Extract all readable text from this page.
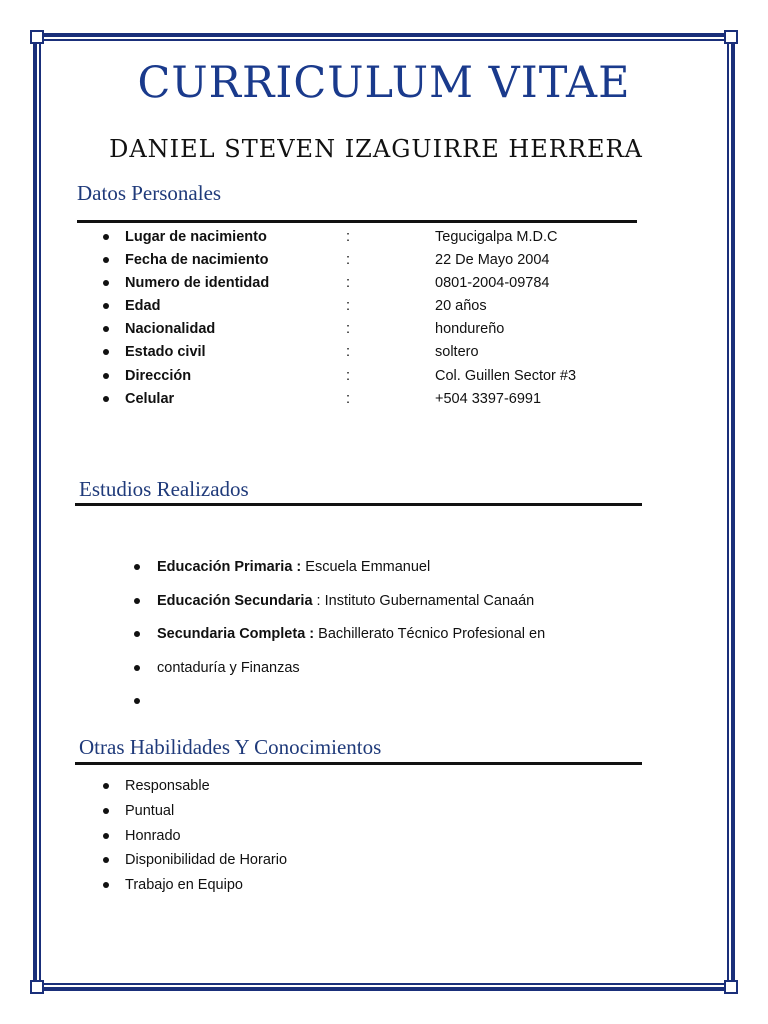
CURRICULUM VITAE
DANIEL STEVEN IZAGUIRRE HERRERA
Datos Personales
Lugar de nacimiento	:	Tegucigalpa M.D.C
Fecha de nacimiento	:	22 De Mayo 2004
Numero de identidad	:	0801-2004-09784
Edad	:	20 años
Nacionalidad	:	hondureño
Estado civil	:	soltero
Dirección	:	Col. Guillen Sector #3
Celular	:	+504 3397-6991
Estudios Realizados
Educación Primaria : Escuela Emmanuel
Educación Secundaria : Instituto Gubernamental Canaán
Secundaria Completa : Bachillerato Técnico Profesional en
contaduría y Finanzas
Otras Habilidades Y Conocimientos
Responsable
Puntual
Honrado
Disponibilidad de Horario
Trabajo en Equipo
